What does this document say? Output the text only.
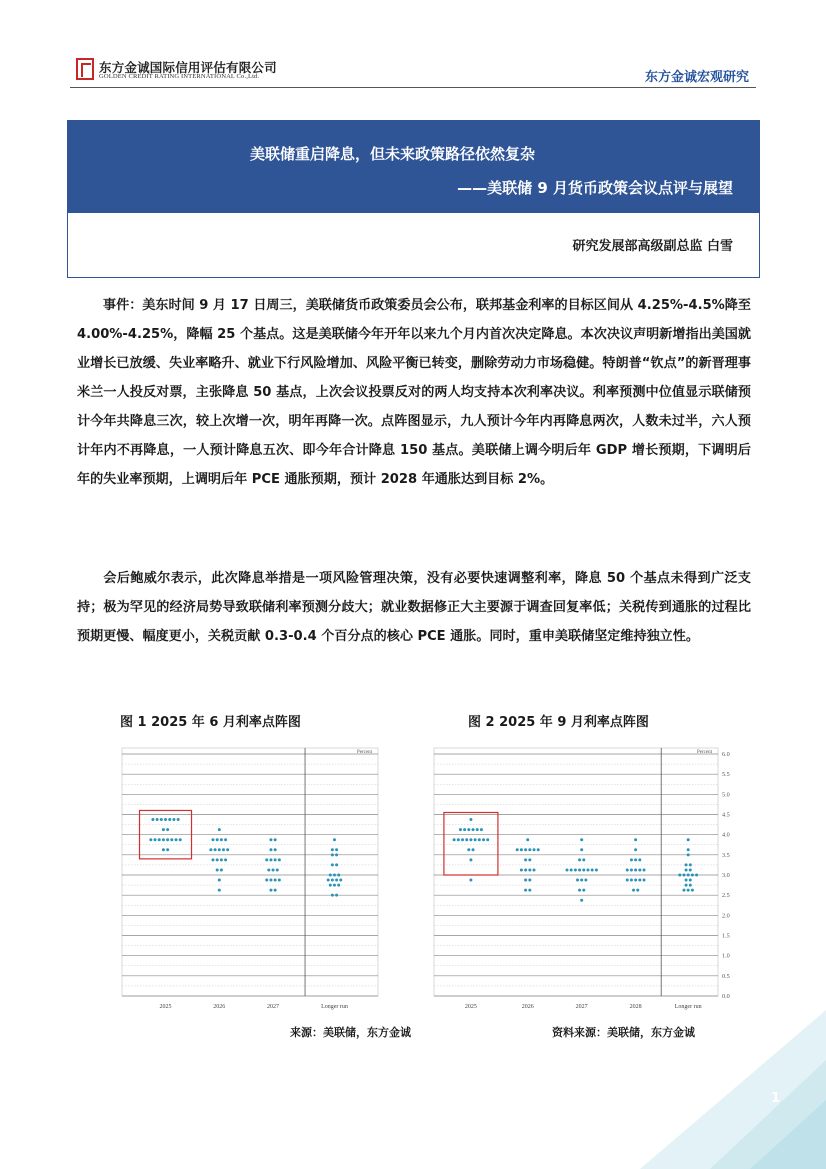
东方金诚国际信用评估有限公司
GOLDEN CREDIT RATING INTERNATIONAL Co.,Ltd.	东方金诚宏观研究
美联储重启降息，但未来政策路径依然复杂
——美联储 9 月货币政策会议点评与展望
研究发展部高级副总监 白雪

事件：美东时间 9 月 17 日周三，美联储货币政策委员会公布，联邦基金利率的目标区间从 4.25%-4.5%降至 4.00%-4.25%，降幅 25 个基点。这是美联储今年开年以来九个月内首次决定降息。本次决议声明新增指出美国就业增长已放缓、失业率略升、就业下行风险增加、风险平衡已转变，删除劳动力市场稳健。特朗普“钦点”的新晋理事米兰一人投反对票，主张降息 50 基点，上次会议投票反对的两人均支持本次利率决议。利率预测中位值显示联储预计今年共降息三次，较上次增一次，明年再降一次。点阵图显示，九人预计今年内再降息两次，人数未过半，六人预计年内不再降息，一人预计降息五次、即今年合计降息 150 基点。美联储上调今明后年 GDP 增长预期，下调明后年的失业率预期，上调明后年 PCE 通胀预期，预计 2028 年通胀达到目标 2%。

会后鲍威尔表示，此次降息举措是一项风险管理决策，没有必要快速调整利率，降息 50 个基点未得到广泛支持；极为罕见的经济局势导致联储利率预测分歧大；就业数据修正大主要源于调查回复率低；关税传到通胀的过程比预期更慢、幅度更小，关税贡献 0.3-0.4 个百分点的核心 PCE 通胀。同时，重申美联储坚定维持独立性。

图 1 2025 年 6 月利率点阵图	图 2 2025 年 9 月利率点阵图
Percent
2025	2026	2027	Longer run
Percent 6.0
5.5
5.0
4.5
4.0
3.5
3.0
2.5
2.0
1.5
1.0
0.5
0.0
2025	2026	2027	2028	Longer run
来源：美联储，东方金诚	资料来源：美联储，东方金诚
1
